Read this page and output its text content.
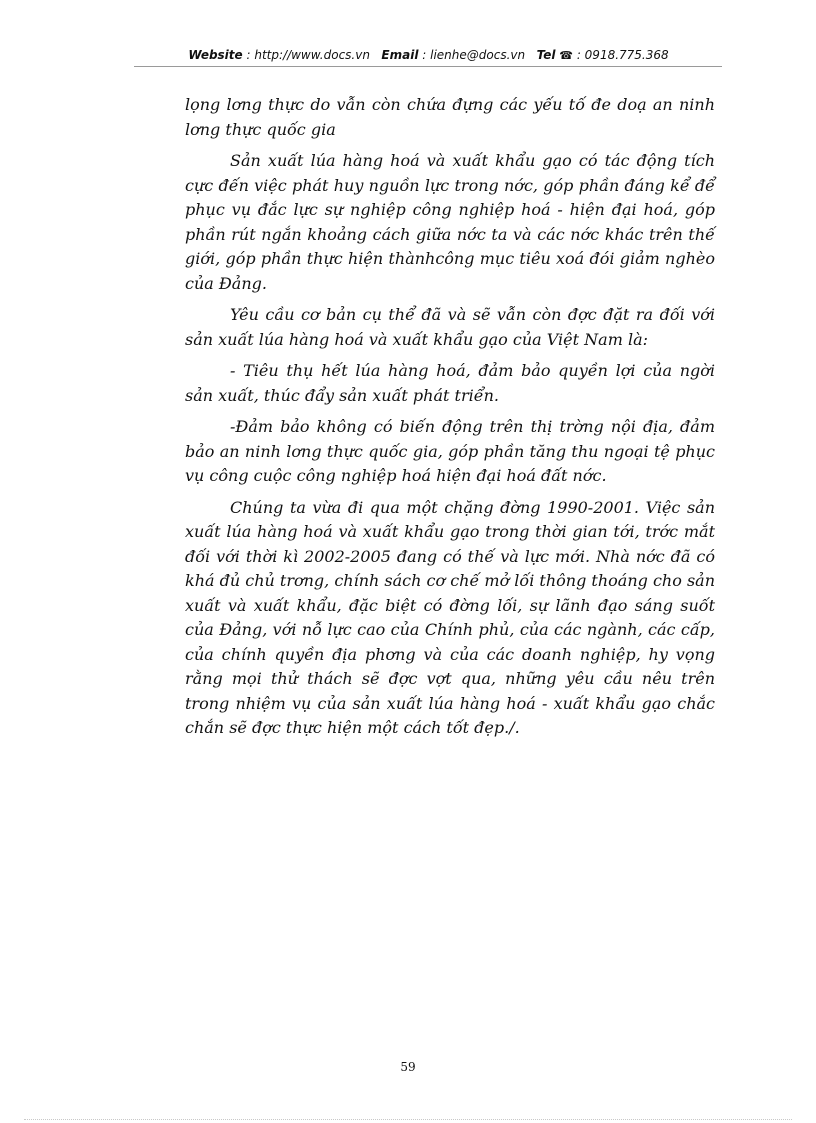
Website : http://www.docs.vn Email : lienhe@docs.vn Tel ☎ : 0918.775.368

lọng lơng thực do vẫn còn chứa đựng các yếu tố đe doạ an ninh lơng thực quốc gia

Sản xuất lúa hàng hoá và xuất khẩu gạo có tác động tích cực đến việc phát huy nguồn lực trong nớc, góp phần đáng kể để phục vụ đắc lực sự nghiệp công nghiệp hoá - hiện đại hoá, góp phần rút ngắn khoảng cách giữa nớc ta và các nớc khác trên thế giới, góp phần thực hiện thànhcông mục tiêu xoá đói giảm nghèo của Đảng.

Yêu cầu cơ bản cụ thể đã và sẽ vẫn còn đợc đặt ra đối với sản xuất lúa hàng hoá và xuất khẩu gạo của Việt Nam là:

- Tiêu thụ hết lúa hàng hoá, đảm bảo quyền lợi của ngời sản xuất, thúc đẩy sản xuất phát triển.

-Đảm bảo không có biến động trên thị trờng nội địa, đảm bảo an ninh lơng thực quốc gia, góp phần tăng thu ngoại tệ phục vụ công cuộc công nghiệp hoá hiện đại hoá đất nớc.

Chúng ta vừa đi qua một chặng đờng 1990-2001. Việc sản xuất lúa hàng hoá và xuất khẩu gạo trong thời gian tới, trớc mắt đối với thời kì 2002-2005 đang có thế và lực mới. Nhà nớc đã có khá đủ chủ trơng, chính sách cơ chế mở lối thông thoáng cho sản xuất và xuất khẩu, đặc biệt có đờng lối, sự lãnh đạo sáng suốt của Đảng, với nỗ lực cao của Chính phủ, của các ngành, các cấp, của chính quyền địa phơng và của các doanh nghiệp, hy vọng rằng mọi thử thách sẽ đợc vợt qua, những yêu cầu nêu trên trong nhiệm vụ của sản xuất lúa hàng hoá - xuất khẩu gạo chắc chắn sẽ đợc thực hiện một cách tốt đẹp./.

59
